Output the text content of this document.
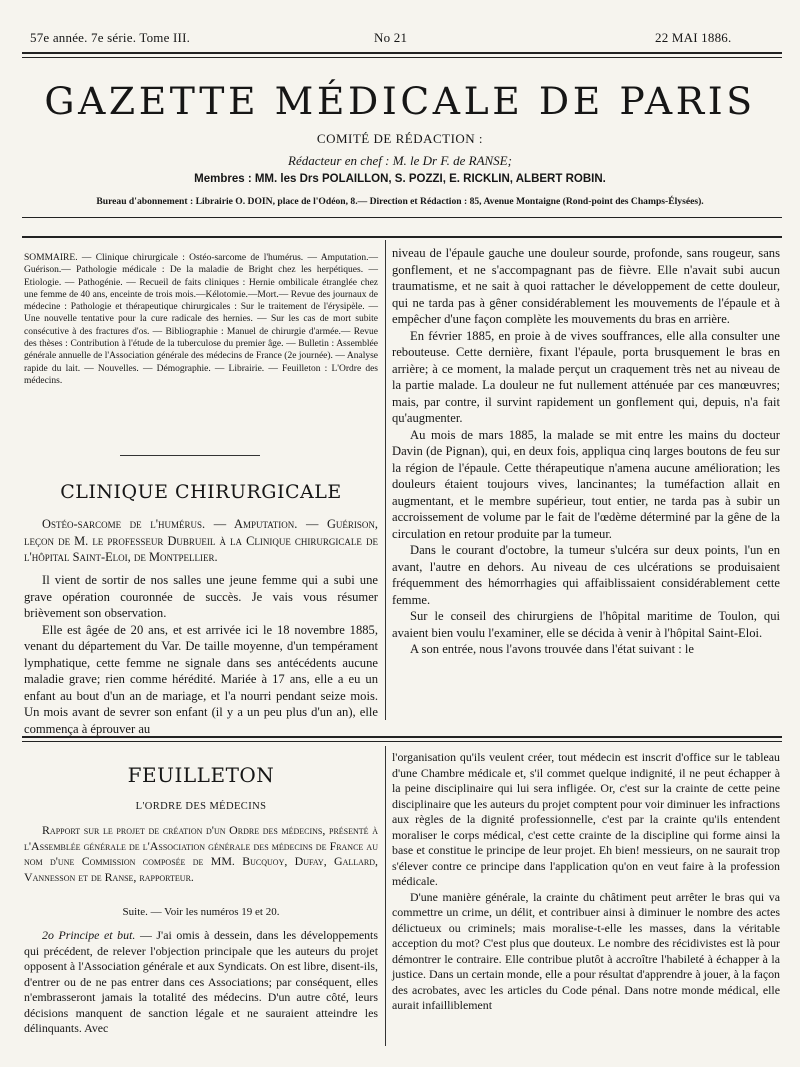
57e année. 7e série. Tome III.	No 21	22 MAI 1886.
GAZETTE MÉDICALE DE PARIS
COMITÉ DE RÉDACTION :
Rédacteur en chef : M. le Dr F. de RANSE;
Membres : MM. les Drs POLAILLON, S. POZZI, E. RICKLIN, ALBERT ROBIN.
Bureau d'abonnement : Librairie O. DOIN, place de l'Odéon, 8.— Direction et Rédaction : 85, Avenue Montaigne (Rond-point des Champs-Élysées).
SOMMAIRE. — Clinique chirurgicale : Ostéo-sarcome de l'humérus. — Amputation.—Guérison.— Pathologie médicale : De la maladie de Bright chez les herpétiques. — Etiologie. — Pathogénie. — Recueil de faits cliniques : Hernie ombilicale étranglée chez une femme de 40 ans, enceinte de trois mois.—Kélotomie.—Mort.— Revue des journaux de médecine : Pathologie et thérapeutique chirurgicales : Sur le traitement de l'érysipèle. — Une nouvelle tentative pour la cure radicale des hernies. — Sur les cas de mort subite consécutive à des fractures d'os. — Bibliographie : Manuel de chirurgie d'armée.— Revue des thèses : Contribution à l'étude de la tuberculose du premier âge. — Bulletin : Assemblée générale annuelle de l'Association générale des médecins de France (2e journée). — Analyse rapide du lait. — Nouvelles. — Démographie. — Librairie. — Feuilleton : L'Ordre des médecins.
CLINIQUE CHIRURGICALE

Ostéo-sarcome de l'humérus. — Amputation. — Guérison, leçon de M. le professeur Dubrueil à la Clinique chirurgicale de l'hôpital Saint-Eloi, de Montpellier.

Il vient de sortir de nos salles une jeune femme qui a subi une grave opération couronnée de succès. Je vais vous résumer brièvement son observation.

Elle est âgée de 20 ans, et est arrivée ici le 18 novembre 1885, venant du département du Var. De taille moyenne, d'un tempérament lymphatique, cette femme ne signale dans ses antécédents aucune maladie grave; rien comme hérédité. Mariée à 17 ans, elle a eu un enfant au bout d'un an de mariage, et l'a nourri pendant seize mois. Un mois avant de sevrer son enfant (il y a un peu plus d'un an), elle commença à éprouver au

niveau de l'épaule gauche une douleur sourde, profonde, sans rougeur, sans gonflement, et ne s'accompagnant pas de fièvre. Elle n'avait subi aucun traumatisme, et ne sait à quoi rattacher le développement de cette douleur, qui ne tarda pas à gêner considérablement les mouvements de l'épaule et à empêcher d'une façon complète les mouvements du bras en arrière.

En février 1885, en proie à de vives souffrances, elle alla consulter une rebouteuse. Cette dernière, fixant l'épaule, porta brusquement le bras en arrière; à ce moment, la malade perçut un craquement très net au niveau de la partie malade. La douleur ne fut nullement atténuée par ces manœuvres; mais, par contre, il survint rapidement un gonflement qui, depuis, n'a fait qu'augmenter.

Au mois de mars 1885, la malade se mit entre les mains du docteur Davin (de Pignan), qui, en deux fois, appliqua cinq larges boutons de feu sur la région de l'épaule. Cette thérapeutique n'amena aucune amélioration; les douleurs étaient toujours vives, lancinantes; la tuméfaction allait en augmentant, et le membre supérieur, tout entier, ne tarda pas à subir un accroissement de volume par le fait de l'œdème déterminé par la gêne de la circulation en retour produite par la tumeur.

Dans le courant d'octobre, la tumeur s'ulcéra sur deux points, l'un en avant, l'autre en dehors. Au niveau de ces ulcérations se produisaient fréquemment des hémorrhagies qui affaiblissaient considérablement cette femme.

Sur le conseil des chirurgiens de l'hôpital maritime de Toulon, qui avaient bien voulu l'examiner, elle se décida à venir à l'hôpital Saint-Eloi.

A son entrée, nous l'avons trouvée dans l'état suivant : le

FEUILLETON
L'ORDRE DES MÉDECINS

Rapport sur le projet de création d'un Ordre des médecins, présenté à l'Assemblée générale de l'Association générale des médecins de France au nom d'une Commission composée de MM. Bucquoy, Dufay, Gallard, Vannesson et de Ranse, rapporteur.

Suite. — Voir les numéros 19 et 20.

2o Principe et but. — J'ai omis à dessein, dans les développements qui précédent, de relever l'objection principale que les auteurs du projet opposent à l'Association générale et aux Syndicats. On est libre, disent-ils, d'entrer ou de ne pas entrer dans ces Associations; par conséquent, elles n'embrasseront jamais la totalité des médecins. D'un autre côté, leurs décisions manquent de sanction légale et ne sauraient atteindre les délinquants. Avec

l'organisation qu'ils veulent créer, tout médecin est inscrit d'office sur le tableau d'une Chambre médicale et, s'il commet quelque indignité, il ne peut échapper à la peine disciplinaire qui lui sera infligée. Or, c'est sur la crainte de cette peine disciplinaire que les auteurs du projet comptent pour voir diminuer les infractions aux règles de la dignité professionnelle, c'est par la crainte qu'ils entendent moraliser le corps médical, c'est cette crainte de la discipline qui forme ainsi la base et constitue le principe de leur projet. Eh bien! messieurs, on ne saurait trop s'élever contre ce principe dans l'application qu'on en veut faire à la profession médicale.

D'une manière générale, la crainte du châtiment peut arrêter le bras qui va commettre un crime, un délit, et contribuer ainsi à diminuer le nombre des actes délictueux ou criminels; mais moralise-t-elle les masses, dans la véritable acception du mot? C'est plus que douteux. Le nombre des récidivistes est là pour démontrer le contraire. Elle contribue plutôt à accroître l'habileté à échapper à la justice. Dans un certain monde, elle a pour résultat d'apprendre à jouer, à la façon des acrobates, avec les articles du Code pénal. Dans notre monde médical, elle aurait infailliblement
